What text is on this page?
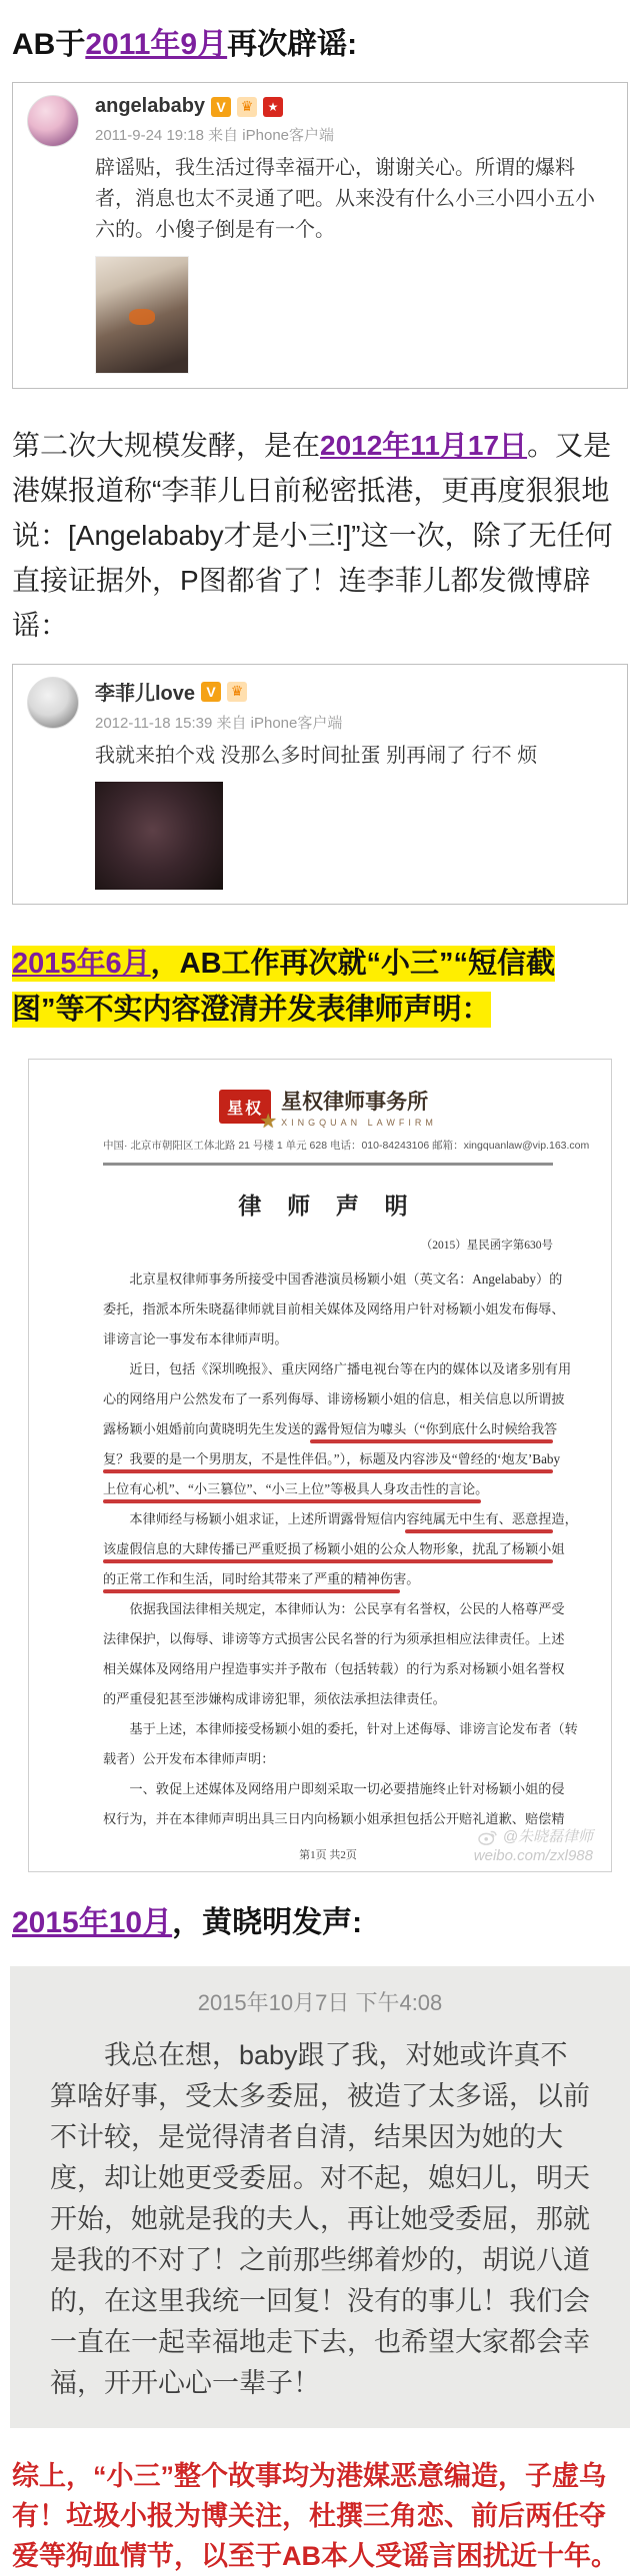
AB于2011年9月再次辟谣:
angelababy V	♛	★
2011-9-24 19:18 来自 iPhone客户端
辟谣贴，我生活过得幸福开心，谢谢关心。所谓的爆料者，消息也太不灵通了吧。从来没有什么小三小四小五小六的。小傻子倒是有一个。
第二次大规模发酵，是在2012年11月17日。又是港媒报道称“李菲儿日前秘密抵港，更再度狠狠地说：[Angelababy才是小三!]”这一次，除了无任何直接证据外，P图都省了！连李菲儿都发微博辟谣：
李菲儿love V	♛
2012-11-18 15:39 来自 iPhone客户端
我就来拍个戏 没那么多时间扯蛋 别再闹了 行不 烦
2015年6月，AB工作再次就“小三”“短信截图”等不实内容澄清并发表律师声明：
星权
★
星权律师事务所
XINGQUAN LAWFIRM
中国· 北京市朝阳区工体北路 21 号楼 1 单元 628 电话：010-84243106 邮箱：xingquanlaw@vip.163.com
律 师 声 明
（2015）星民函字第630号
北京星权律师事务所接受中国香港演员杨颖小姐（英文名：Angelababy）的
委托，指派本所朱晓磊律师就目前相关媒体及网络用户针对杨颖小姐发布侮辱、
诽谤言论一事发布本律师声明。
近日，包括《深圳晚报》、重庆网络广播电视台等在内的媒体以及诸多别有用
心的网络用户公然发布了一系列侮辱、诽谤杨颖小姐的信息，相关信息以所谓披
露杨颖小姐婚前向黄晓明先生发送的露骨短信为噱头（“你到底什么时候给我答
复？我要的是一个男朋友，不是性伴侣。”），标题及内容涉及“曾经的‘炮友’Baby
上位有心机”、“小三篡位”、“小三上位”等极具人身攻击性的言论。
本律师经与杨颖小姐求证，上述所谓露骨短信内容纯属无中生有、恶意捏造，
该虚假信息的大肆传播已严重贬损了杨颖小姐的公众人物形象，扰乱了杨颖小姐
的正常工作和生活，同时给其带来了严重的精神伤害。
依据我国法律相关规定，本律师认为：公民享有名誉权，公民的人格尊严受
法律保护，以侮辱、诽谤等方式损害公民名誉的行为须承担相应法律责任。上述
相关媒体及网络用户捏造事实并予散布（包括转载）的行为系对杨颖小姐名誉权
的严重侵犯甚至涉嫌构成诽谤犯罪，须依法承担法律责任。
基于上述，本律师接受杨颖小姐的委托，针对上述侮辱、诽谤言论发布者（转
载者）公开发布本律师声明：
一、敦促上述媒体及网络用户即刻采取一切必要措施终止针对杨颖小姐的侵
权行为，并在本律师声明出具三日内向杨颖小姐承担包括公开赔礼道歉、赔偿精
第1页 共2页
@朱晓磊律师
weibo.com/zxl988
2015年10月，黄晓明发声:
2015年10月7日 下午4:08
我总在想，baby跟了我，对她或许真不算啥好事，受太多委屈，被造了太多谣，以前不计较，是觉得清者自清，结果因为她的大度，却让她更受委屈。对不起，媳妇儿，明天开始，她就是我的夫人，再让她受委屈，那就是我的不对了！之前那些绑着炒的，胡说八道的，在这里我统一回复！没有的事儿！我们会一直在一起幸福地走下去，也希望大家都会幸福，开开心心一辈子！
综上，“小三”整个故事均为港媒恶意编造，子虚乌有！垃圾小报为博关注，杜撰三角恋、前后两任夺爱等狗血情节，以至于AB本人受谣言困扰近十年。
